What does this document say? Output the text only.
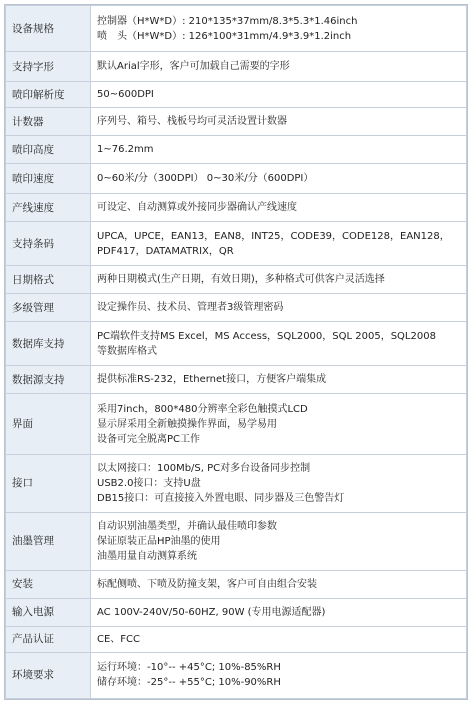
设备规格	控制器（H*W*D）: 210*135*37mm/8.3*5.3*1.46inch
喷　头（H*W*D）: 126*100*31mm/4.9*3.9*1.2inch

支持字形	默认Arial字形，客户可加载自己需要的字形

喷印解析度	50~600DPI

计数器	序列号、箱号、栈板号均可灵活设置计数器

喷印高度	1~76.2mm

喷印速度	0~60米/分（300DPI） 0~30米/分（600DPI）

产线速度	可设定、自动测算或外接同步器确认产线速度

支持条码	UPCA，UPCE，EAN13，EAN8，INT25，CODE39，CODE128，EAN128，
PDF417，DATAMATRIX，QR

日期格式	两种日期模式(生产日期，有效日期)，多种格式可供客户灵活选择

多级管理	设定操作员、技术员、管理者3级管理密码

数据库支持	PC端软件支持MS Excel，MS Access，SQL2000，SQL 2005，SQL2008
等数据库格式

数据源支持	提供标准RS-232，Ethernet接口，方便客户端集成

界面	采用7inch，800*480分辨率全彩色触摸式LCD
显示屏采用全新触摸操作界面，易学易用
设备可完全脱离PC工作

接口	以太网接口：100Mb/S, PC对多台设备同步控制
USB2.0接口：支持U盘
DB15接口：可直接接入外置电眼、同步器及三色警告灯

油墨管理	自动识别油墨类型，并确认最佳喷印参数
保证原装正品HP油墨的使用
油墨用量自动测算系统

安装	标配侧喷、下喷及防撞支架，客户可自由组合安装

输入电源	AC 100V-240V/50-60HZ, 90W (专用电源适配器)

产品认证	CE、FCC

环境要求	运行环境：-10°-- +45°C; 10%-85%RH
储存环境：-25°-- +55°C; 10%-90%RH
